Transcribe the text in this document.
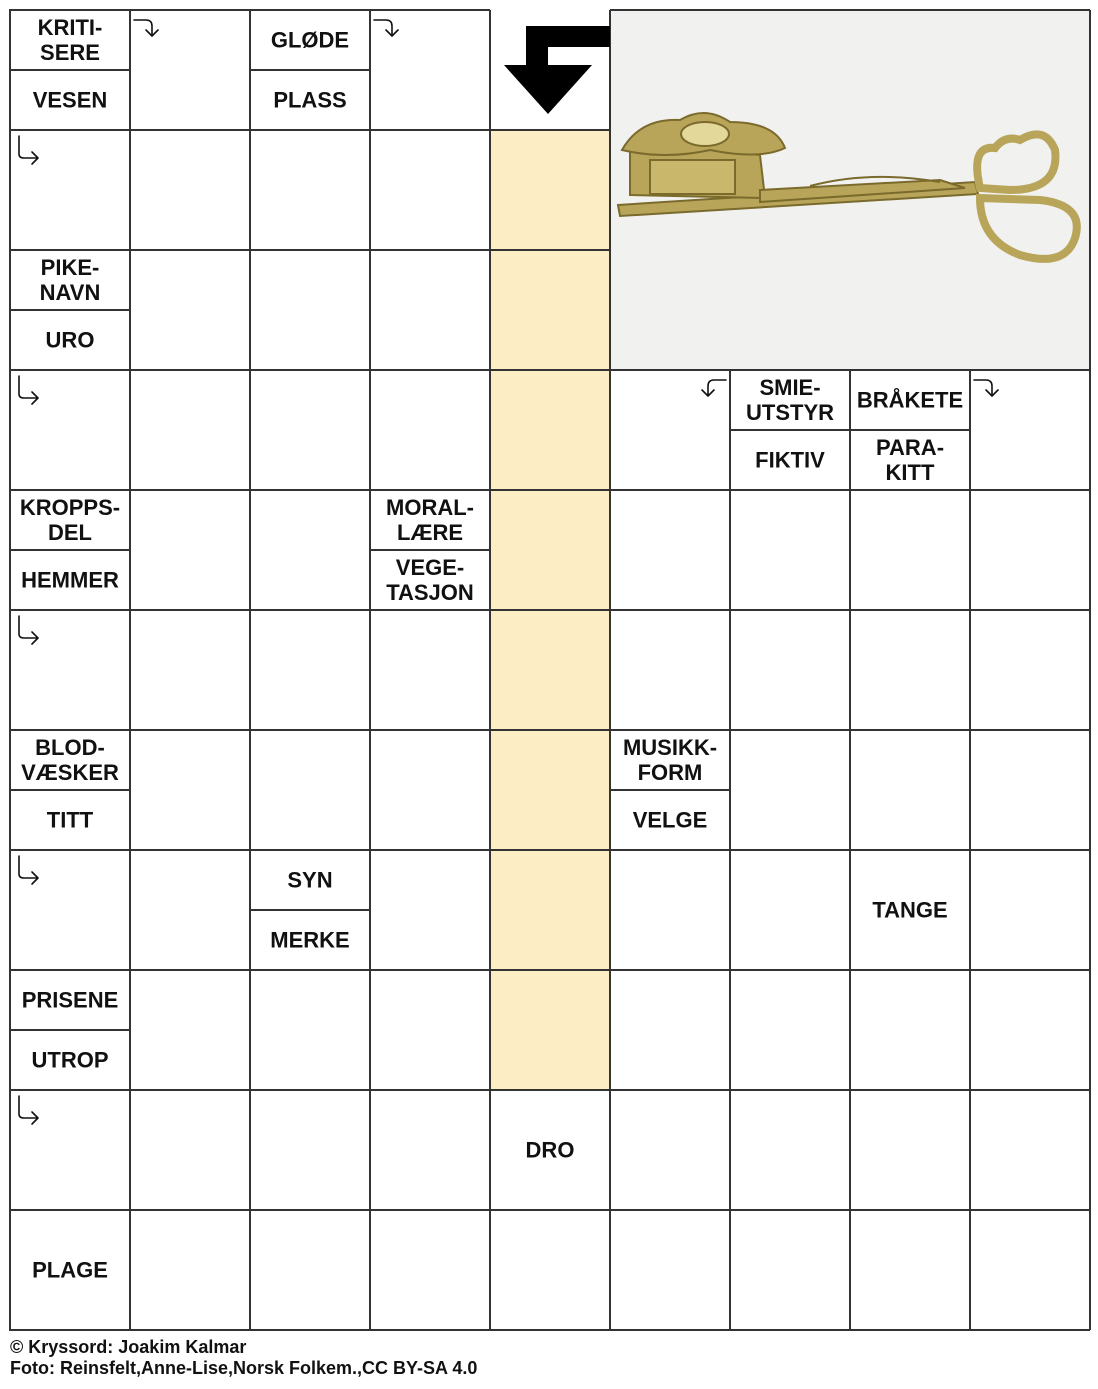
KRITI-
SERE
VESEN
GLØDE
PLASS
PIKE-
NAVN
URO
SMIE-
UTSTYR
FIKTIV
BRÅKETE
PARA-
KITT
KROPPS-
DEL
HEMMER
MORAL-
LÆRE
VEGE-
TASJON
BLOD-
VÆSKER
TITT
MUSIKK-
FORM
VELGE
SYN
MERKE
TANGE
PRISENE
UTROP
DRO
PLAGE
© Kryssord: Joakim Kalmar
Foto: Reinsfelt,Anne-Lise,Norsk Folkem.,CC BY-SA 4.0
